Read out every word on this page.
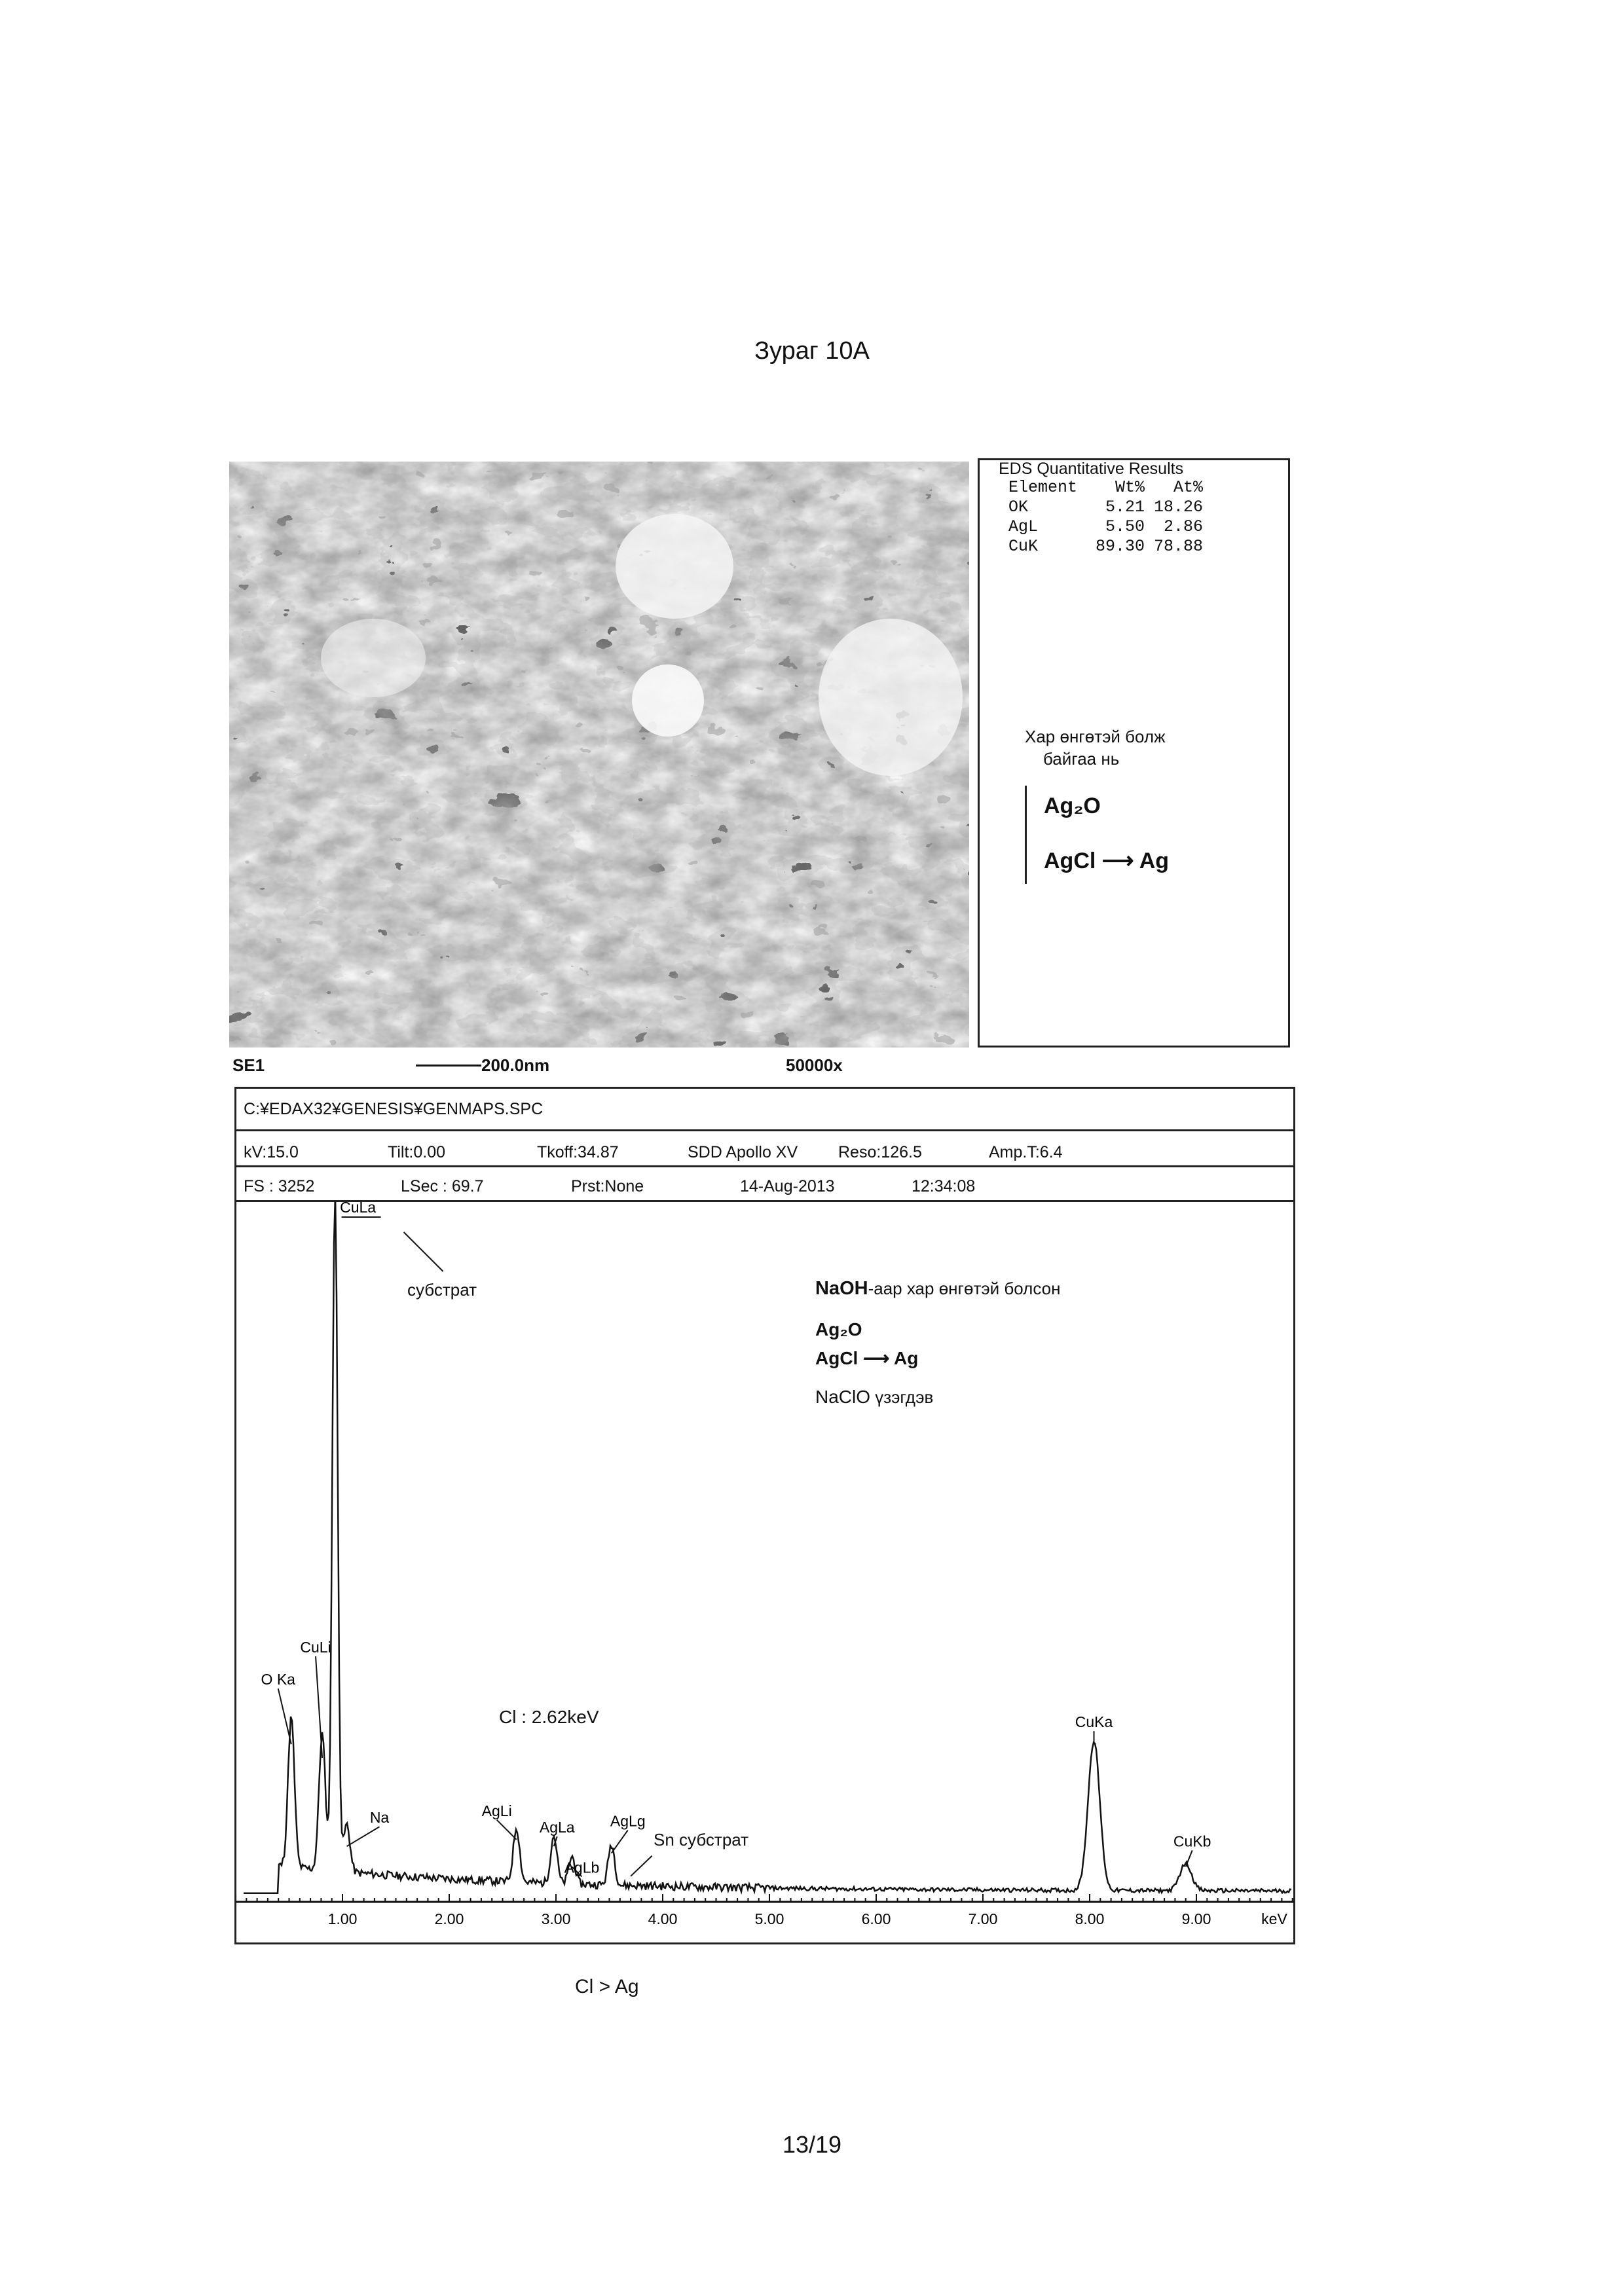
Зураг 10А
EDS Quantitative Results
Element	Wt%	At%
OK	5.21	18.26
AgL	5.50	2.86
CuK	89.30	78.88
Хар өнгөтэй болж
байгаа нь
Ag₂O
AgCl ⟶ Ag
SE1	200.0nm	50000x
C:¥EDAX32¥GENESIS¥GENMAPS.SPC
kV:15.0	Tilt:0.00	Tkoff:34.87	SDD Apollo XV Reso:126.5	Amp.T:6.4
FS : 3252	LSec : 69.7	Prst:None	14-Aug-2013	12:34:08
O Ka
CuLi
CuLa
Na	AgLi
AgLa
AgLb
AgLg
CuKa
CuKb
1.00	2.00	3.00	4.00	5.00	6.00	7.00	8.00	9.00	keV
субстрат	NaOH-аар хар өнгөтэй болсон
Ag₂O
AgCl ⟶ Ag
NaClO үзэгдэв
Cl : 2.62keV
Sn субстрат
Cl > Ag
13/19
